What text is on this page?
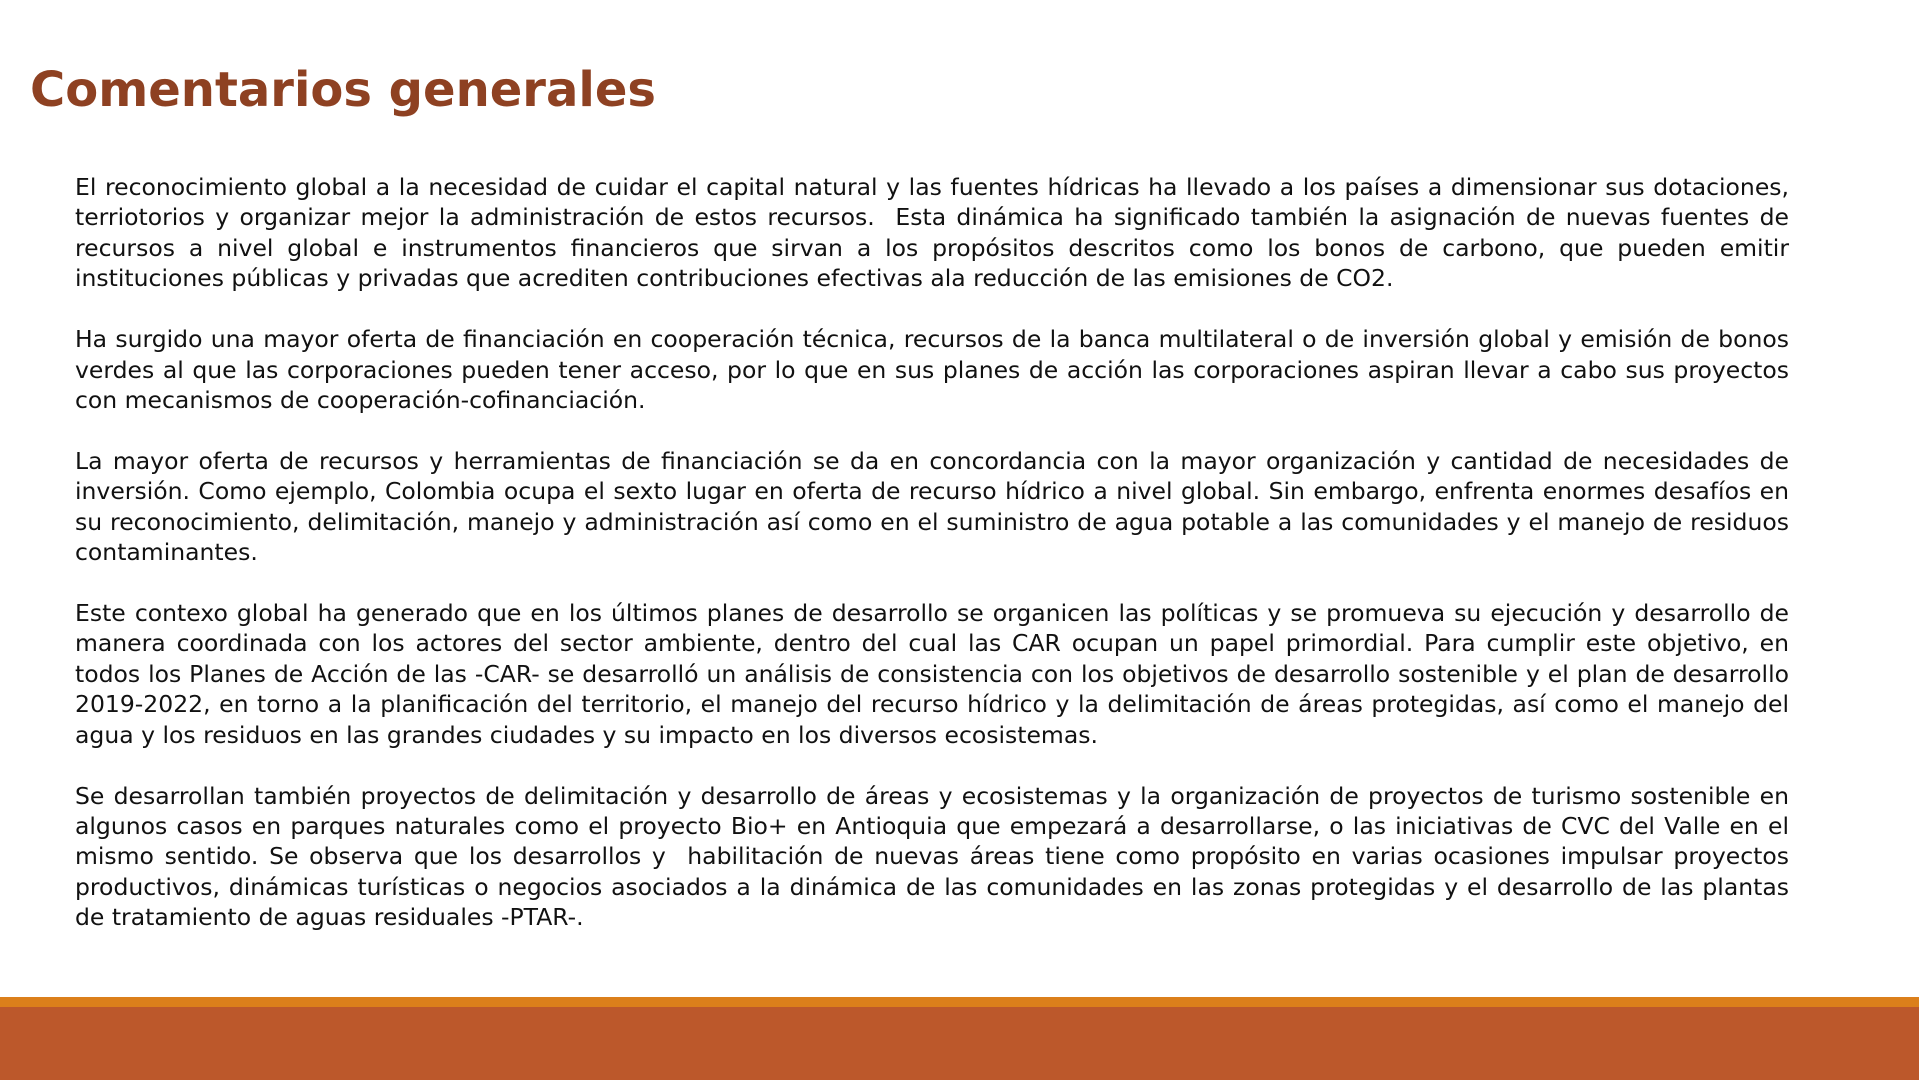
Comentarios generales

El reconocimiento global a la necesidad de cuidar el capital natural y las fuentes hídricas ha llevado a los países a dimensionar sus dotaciones, terriotorios y organizar mejor la administración de estos recursos.  Esta dinámica ha significado también la asignación de nuevas fuentes de recursos a nivel global e instrumentos financieros que sirvan a los propósitos descritos como los bonos de carbono, que pueden emitir instituciones públicas y privadas que acrediten contribuciones efectivas ala reducción de las emisiones de CO2.

Ha surgido una mayor oferta de financiación en cooperación técnica, recursos de la banca multilateral o de inversión global y emisión de bonos verdes al que las corporaciones pueden tener acceso, por lo que en sus planes de acción las corporaciones aspiran llevar a cabo sus proyectos con mecanismos de cooperación-cofinanciación.

La mayor oferta de recursos y herramientas de financiación se da en concordancia con la mayor organización y cantidad de necesidades de inversión. Como ejemplo, Colombia ocupa el sexto lugar en oferta de recurso hídrico a nivel global. Sin embargo, enfrenta enormes desafíos en su reconocimiento, delimitación, manejo y administración así como en el suministro de agua potable a las comunidades y el manejo de residuos contaminantes.

Este contexo global ha generado que en los últimos planes de desarrollo se organicen las políticas y se promueva su ejecución y desarrollo de manera coordinada con los actores del sector ambiente, dentro del cual las CAR ocupan un papel primordial. Para cumplir este objetivo, en todos los Planes de Acción de las -CAR- se desarrolló un análisis de consistencia con los objetivos de desarrollo sostenible y el plan de desarrollo 2019-2022, en torno a la planificación del territorio, el manejo del recurso hídrico y la delimitación de áreas protegidas, así como el manejo del agua y los residuos en las grandes ciudades y su impacto en los diversos ecosistemas.

Se desarrollan también proyectos de delimitación y desarrollo de áreas y ecosistemas y la organización de proyectos de turismo sostenible en algunos casos en parques naturales como el proyecto Bio+ en Antioquia que empezará a desarrollarse, o las iniciativas de CVC del Valle en el mismo sentido. Se observa que los desarrollos y  habilitación de nuevas áreas tiene como propósito en varias ocasiones impulsar proyectos productivos, dinámicas turísticas o negocios asociados a la dinámica de las comunidades en las zonas protegidas y el desarrollo de las plantas de tratamiento de aguas residuales -PTAR-.
